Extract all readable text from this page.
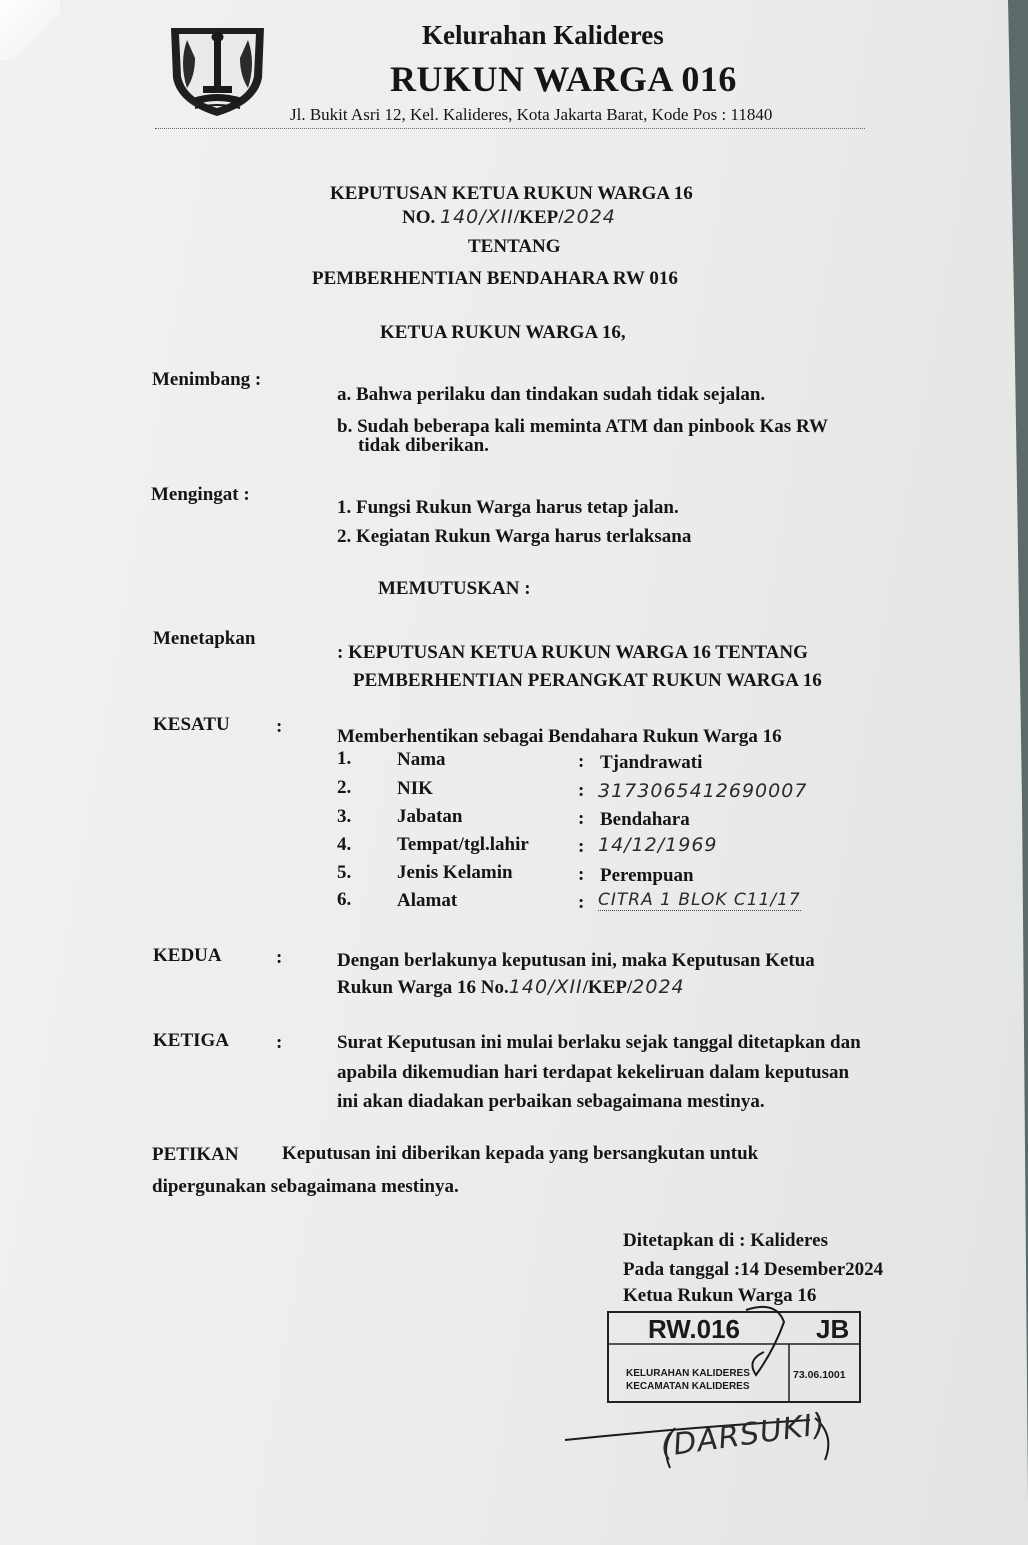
Kelurahan Kalideres
RUKUN WARGA 016
Jl. Bukit Asri 12, Kel. Kalideres, Kota Jakarta Barat, Kode Pos : 11840
KEPUTUSAN KETUA RUKUN WARGA 16
NO. 140/XII/KEP/2024
TENTANG
PEMBERHENTIAN BENDAHARA RW 016
KETUA RUKUN WARGA 16,
Menimbang :
a. Bahwa perilaku dan tindakan sudah tidak sejalan.
b. Sudah beberapa kali meminta ATM dan pinbook Kas RW
tidak diberikan.
Mengingat :
1. Fungsi Rukun Warga harus tetap jalan.
2. Kegiatan Rukun Warga harus terlaksana
MEMUTUSKAN :
Menetapkan
: KEPUTUSAN KETUA RUKUN WARGA 16 TENTANG
PEMBERHENTIAN PERANGKAT RUKUN WARGA 16
KESATU :	Memberhentikan sebagai Bendahara Rukun Warga 16
1. Nama	: Tjandrawati
2. NIK	: 3173065412690007
3. Jabatan	: Bendahara
4. Tempat/tgl.lahir	: 14/12/1969
5. Jenis Kelamin	: Perempuan
6. Alamat	: CITRA 1 BLOK C11/17
KEDUA	:	Dengan berlakunya keputusan ini, maka Keputusan Ketua
Rukun Warga 16 No.140/XII/KEP/2024
KETIGA :	Surat Keputusan ini mulai berlaku sejak tanggal ditetapkan dan
apabila dikemudian hari terdapat kekeliruan dalam keputusan
ini akan diadakan perbaikan sebagaimana mestinya.
PETIKAN Keputusan ini diberikan kepada yang bersangkutan untuk
dipergunakan sebagaimana mestinya.
Ditetapkan di : Kalideres
Pada tanggal :14 Desember2024
Ketua Rukun Warga 16
RW.016	JB
KELURAHAN KALIDERES
KECAMATAN KALIDERES
73.06.1001
(DARSUKI)
